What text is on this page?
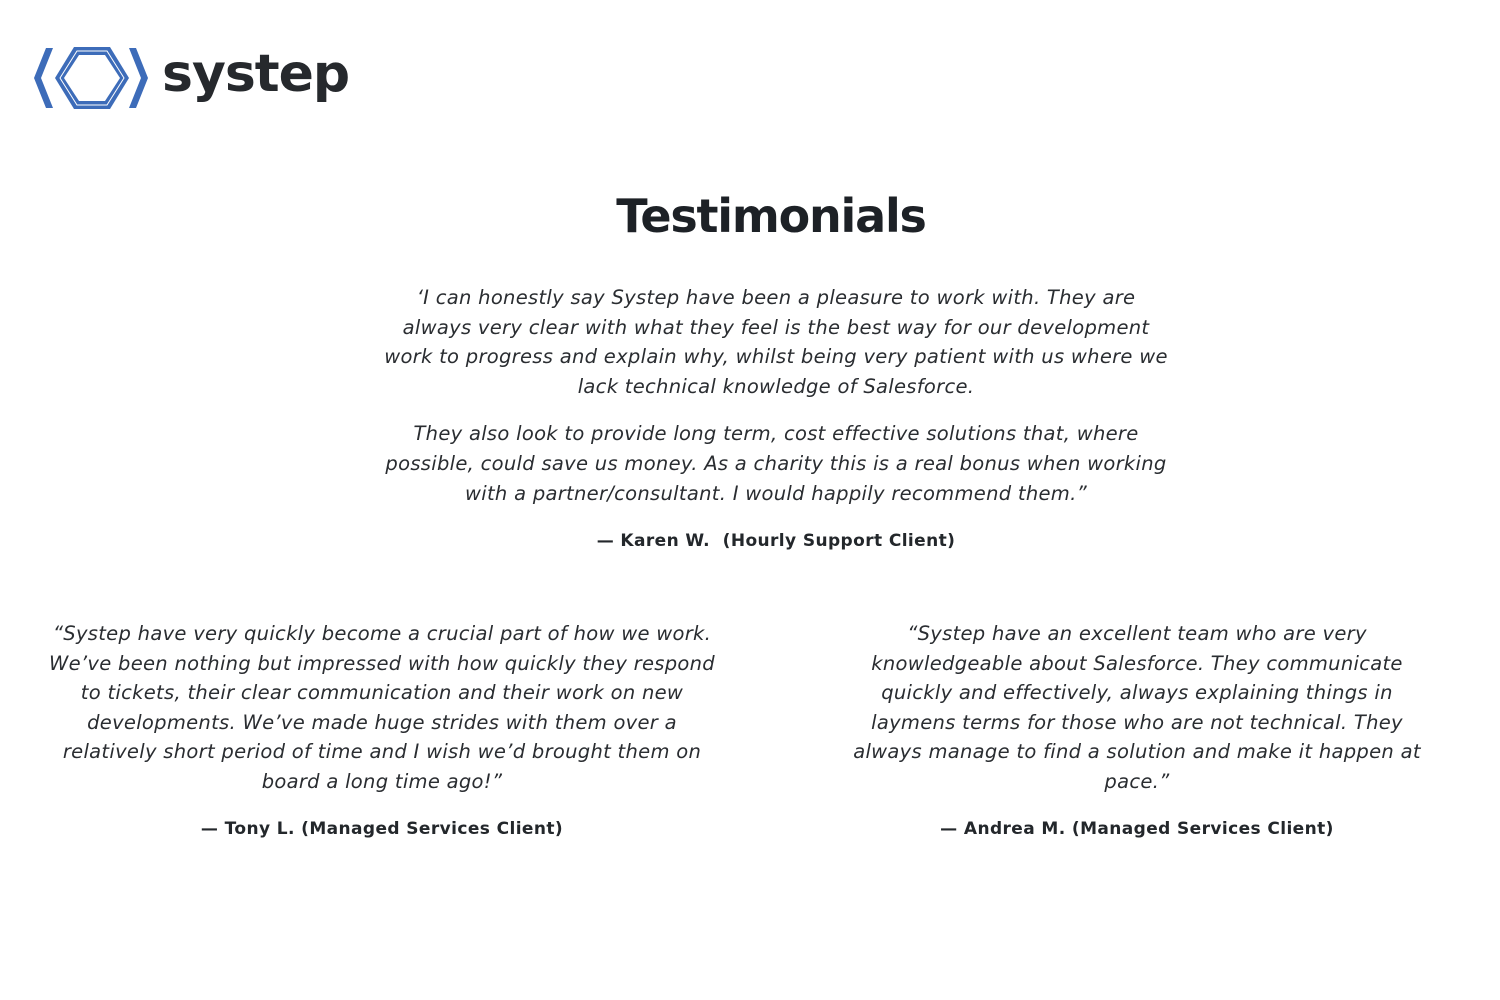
systep
Testimonials

‘I can honestly say Systep have been a pleasure to work with. They are always very clear with what they feel is the best way for our development work to progress and explain why, whilst being very patient with us where we lack technical knowledge of Salesforce.

They also look to provide long term, cost effective solutions that, where possible, could save us money. As a charity this is a real bonus when working with a partner/consultant. I would happily recommend them.”

— Karen W.  (Hourly Support Client)

“Systep have very quickly become a crucial part of how we work. We’ve been nothing but impressed with how quickly they respond to tickets, their clear communication and their work on new developments. We’ve made huge strides with them over a relatively short period of time and I wish we’d brought them on board a long time ago!”

— Tony L. (Managed Services Client)

“Systep have an excellent team who are very knowledgeable about Salesforce. They communicate quickly and effectively, always explaining things in laymens terms for those who are not technical. They always manage to find a solution and make it happen at pace.”

— Andrea M. (Managed Services Client)
